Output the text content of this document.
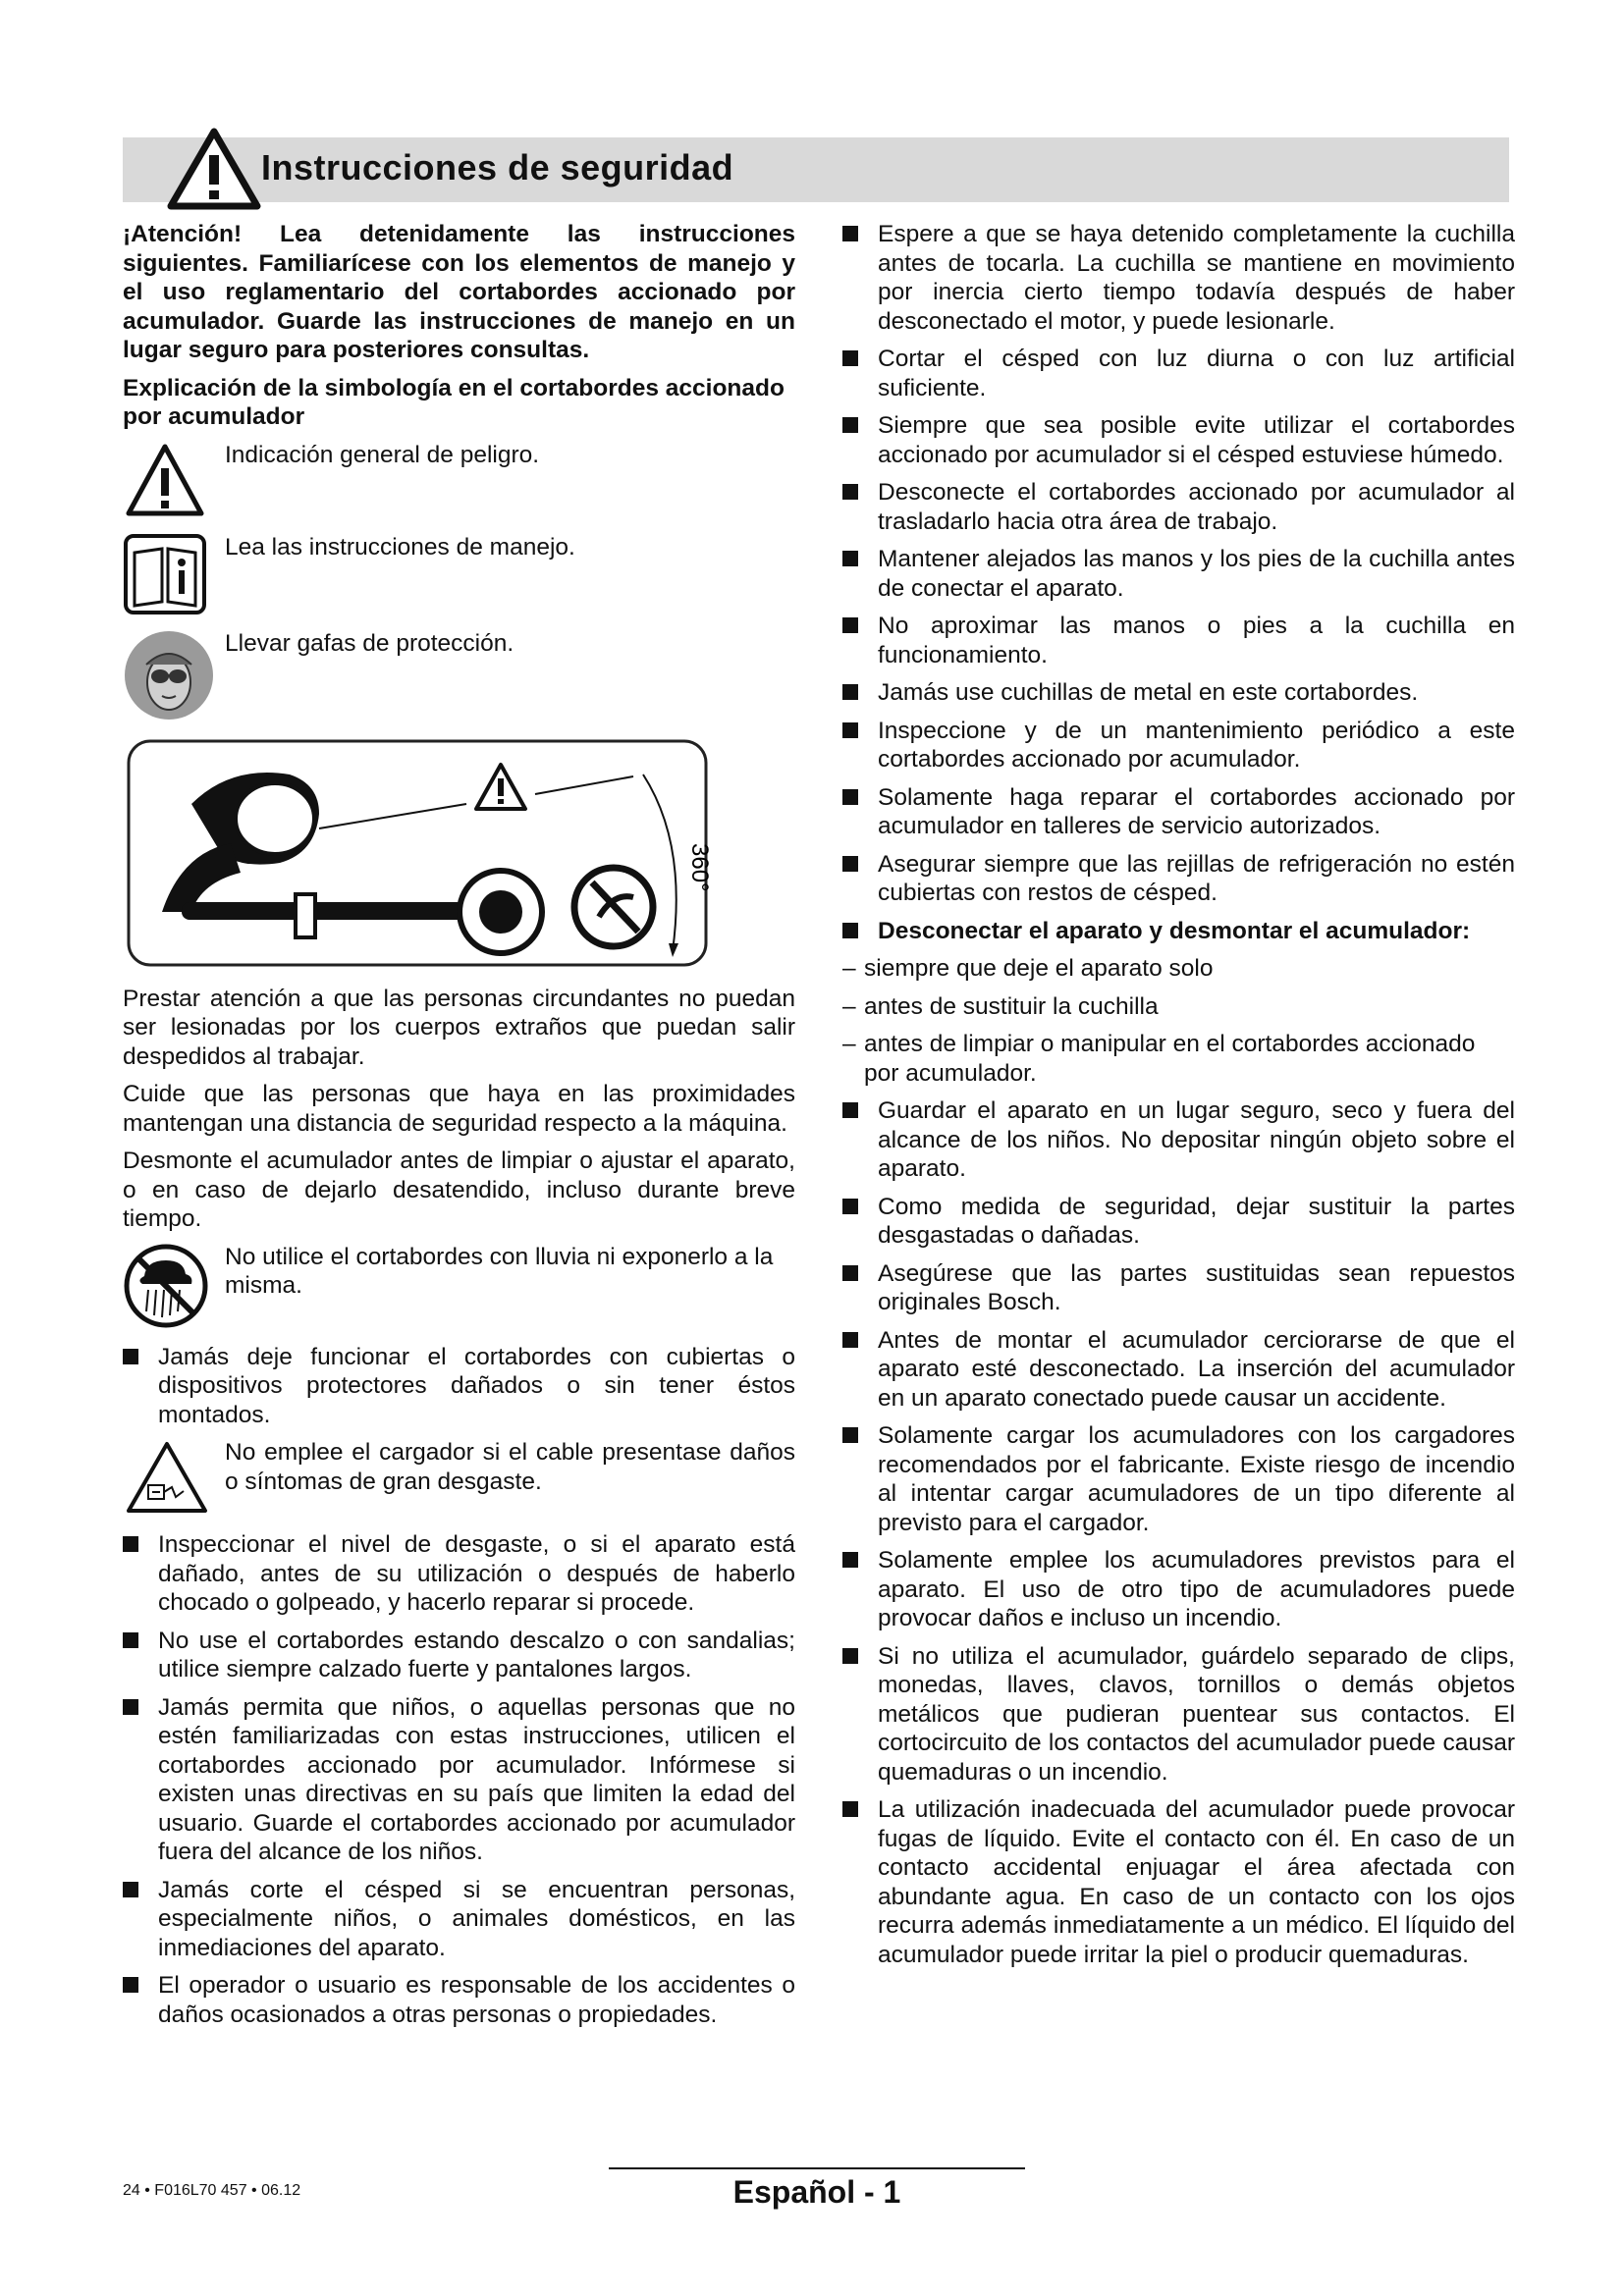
Instrucciones de seguridad

¡Atención! Lea detenidamente las instrucciones siguientes. Familiarícese con los elementos de manejo y el uso reglamentario del cortabordes accionado por acumulador. Guarde las instrucciones de manejo en un lugar seguro para posteriores consultas.

Explicación de la simbología en el cortabordes accionado por acumulador

Indicación general de peligro.
Lea las instrucciones de manejo.
Llevar gafas de protección.
360°

Prestar atención a que las personas circundantes no puedan ser lesionadas por los cuerpos extraños que puedan salir despedidos al trabajar.

Cuide que las personas que haya en las proximidades mantengan una distancia de seguridad respecto a la máquina.

Desmonte el acumulador antes de limpiar o ajustar el aparato, o en caso de dejarlo desatendido, incluso durante breve tiempo.

No utilice el cortabordes con lluvia ni exponerlo a la misma.
Jamás deje funcionar el cortabordes con cubiertas o dispositivos protectores dañados o sin tener éstos montados.
No emplee el cargador si el cable presentase daños o síntomas de gran desgaste.
Inspeccionar el nivel de desgaste, o si el aparato está dañado, antes de su utilización o después de haberlo chocado o golpeado, y hacerlo reparar si procede.
No use el cortabordes estando descalzo o con sandalias; utilice siempre calzado fuerte y pantalones largos.
Jamás permita que niños, o aquellas personas que no estén familiarizadas con estas instrucciones, utilicen el cortabordes accionado por acumulador. Infórmese si existen unas directivas en su país que limiten la edad del usuario. Guarde el cortabordes accionado por acumulador fuera del alcance de los niños.
Jamás corte el césped si se encuentran personas, especialmente niños, o animales domésticos, en las inmediaciones del aparato.
El operador o usuario es responsable de los accidentes o daños ocasionados a otras personas o propiedades.
Espere a que se haya detenido completamente la cuchilla antes de tocarla. La cuchilla se mantiene en movimiento por inercia cierto tiempo todavía después de haber desconectado el motor, y puede lesionarle.
Cortar el césped con luz diurna o con luz artificial suficiente.
Siempre que sea posible evite utilizar el cortabordes accionado por acumulador si el césped estuviese húmedo.
Desconecte el cortabordes accionado por acumulador al trasladarlo hacia otra área de trabajo.
Mantener alejados las manos y los pies de la cuchilla antes de conectar el aparato.
No aproximar las manos o pies a la cuchilla en funcionamiento.
Jamás use cuchillas de metal en este cortabordes.
Inspeccione y de un mantenimiento periódico a este cortabordes accionado por acumulador.
Solamente haga reparar el cortabordes accionado por acumulador en talleres de servicio autorizados.
Asegurar siempre que las rejillas de refrigeración no estén cubiertas con restos de césped.
Desconectar el aparato y desmontar el acumulador:
– siempre que deje el aparato solo
– antes de sustituir la cuchilla
– antes de limpiar o manipular en el cortabordes accionado por acumulador.
Guardar el aparato en un lugar seguro, seco y fuera del alcance de los niños. No depositar ningún objeto sobre el aparato.
Como medida de seguridad, dejar sustituir la partes desgastadas o dañadas.
Asegúrese que las partes sustituidas sean repuestos originales Bosch.
Antes de montar el acumulador cerciorarse de que el aparato esté desconectado. La inserción del acumulador en un aparato conectado puede causar un accidente.
Solamente cargar los acumuladores con los cargadores recomendados por el fabricante. Existe riesgo de incendio al intentar cargar acumuladores de un tipo diferente al previsto para el cargador.
Solamente emplee los acumuladores previstos para el aparato. El uso de otro tipo de acumuladores puede provocar daños e incluso un incendio.
Si no utiliza el acumulador, guárdelo separado de clips, monedas, llaves, clavos, tornillos o demás objetos metálicos que pudieran puentear sus contactos. El cortocircuito de los contactos del acumulador puede causar quemaduras o un incendio.
La utilización inadecuada del acumulador puede provocar fugas de líquido. Evite el contacto con él. En caso de un contacto accidental enjuagar el área afectada con abundante agua. En caso de un contacto con los ojos recurra además inmediatamente a un médico. El líquido del acumulador puede irritar la piel o producir quemaduras.
24 • F016L70 457 • 06.12	Español - 1
